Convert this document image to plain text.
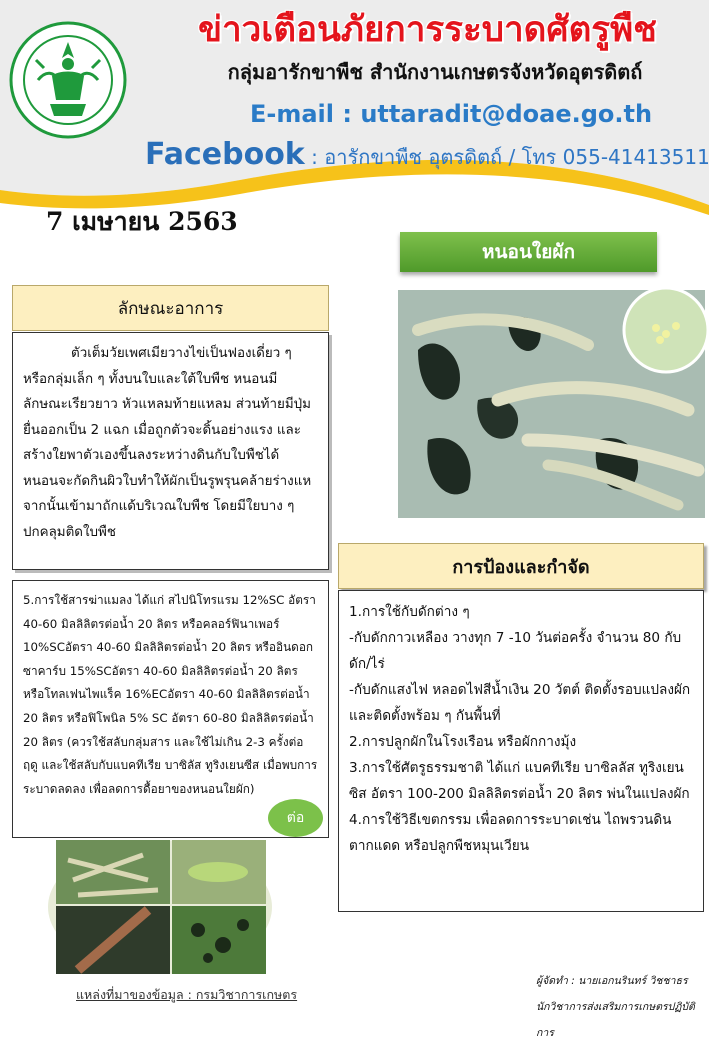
ข่าวเตือนภัยการระบาดศัตรูพืช
กลุ่มอารักขาพืช สำนักงานเกษตรจังหวัดอุตรดิตถ์
E-mail : uttaradit@doae.go.th
Facebook : อารักขาพืช อุตรดิตถ์ / โทร 055-41413511
7 เมษายน 2563
หนอนใยผัก
ลักษณะอาการ

ตัวเต็มวัยเพศเมียวางไข่เป็นฟองเดี่ยว ๆ หรือกลุ่มเล็ก ๆ ทั้งบนใบและใต้ใบพืช หนอนมีลักษณะเรียวยาว หัวแหลมท้ายแหลม ส่วนท้ายมีปุ่มยื่นออกเป็น 2 แฉก เมื่อถูกตัวจะดิ้นอย่างแรง และสร้างใยพาตัวเองขึ้นลงระหว่างดินกับใบพืชได้ หนอนจะกัดกินผิวใบทำให้ผักเป็นรูพรุนคล้ายร่างแห จากนั้นเข้ามาถักแด้บริเวณใบพืช โดยมีใยบาง ๆ ปกคลุมติดใบพืช

5.การใช้สารฆ่าแมลง ได้แก่ สไปนิโทรแรม 12%SC อัตรา 40-60 มิลลิลิตรต่อน้ำ 20 ลิตร หรือคลอร์ฟินาเพอร์ 10%SCอัตรา 40-60 มิลลิลิตรต่อน้ำ 20 ลิตร หรืออินดอกซาคาร์บ 15%SCอัตรา 40-60 มิลลิลิตรต่อน้ำ 20 ลิตร หรือโทลเฟนไพแร็ค 16%ECอัตรา 40-60 มิลลิลิตรต่อน้ำ 20 ลิตร หรือฟิโพนิล 5% SC อัตรา 60-80 มิลลิลิตรต่อน้ำ 20 ลิตร (ควรใช้สลับกลุ่มสาร และใช้ไม่เกิน 2-3 ครั้งต่อฤดู และใช้สลับกับแบคทีเรีย บาซิลัส ทูริงเยนซีส เมื่อพบการระบาดลดลง เพื่อลดการดื้อยาของหนอนใยผัก)

ต่อ
แหล่งที่มาของข้อมูล : กรมวิชาการเกษตร
การป้องและกำจัด

1.การใช้กับดักต่าง ๆ

-กับดักกาวเหลือง วางทุก 7 -10 วันต่อครั้ง จำนวน 80 กับดัก/ไร่

-กับดักแสงไฟ หลอดไฟสีน้ำเงิน 20 วัตต์ ติดตั้งรอบแปลงผัก และติดตั้งพร้อม ๆ กันพื้นที่

2.การปลูกผักในโรงเรือน หรือผักกางมุ้ง

3.การใช้ศัตรูธรรมชาติ ได้แก่ แบคทีเรีย บาซิลลัส ทูริงเยนซิส อัตรา 100-200 มิลลิลิตรต่อน้ำ 20 ลิตร พ่นในแปลงผัก

4.การใช้วิธีเขตกรรม เพื่อลดการระบาดเช่น ไถพรวนดินตากแดด หรือปลูกพืชหมุนเวียน

ผู้จัดทำ : นายเอกนรินทร์ วิชชาธร
นักวิชาการส่งเสริมการเกษตรปฏิบัติการ
